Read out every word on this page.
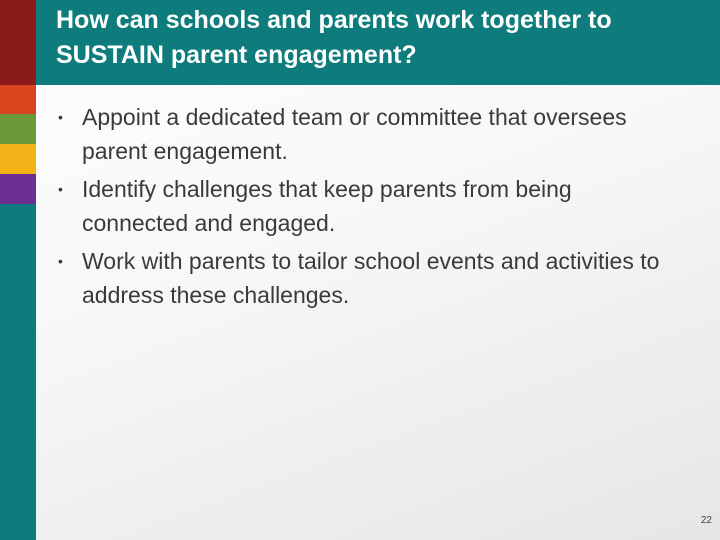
How can schools and parents work together to SUSTAIN parent engagement?
• Appoint a dedicated team or committee that oversees parent engagement.
• Identify challenges that keep parents from being connected and engaged.
• Work with parents to tailor school events and activities to address these challenges.
22
